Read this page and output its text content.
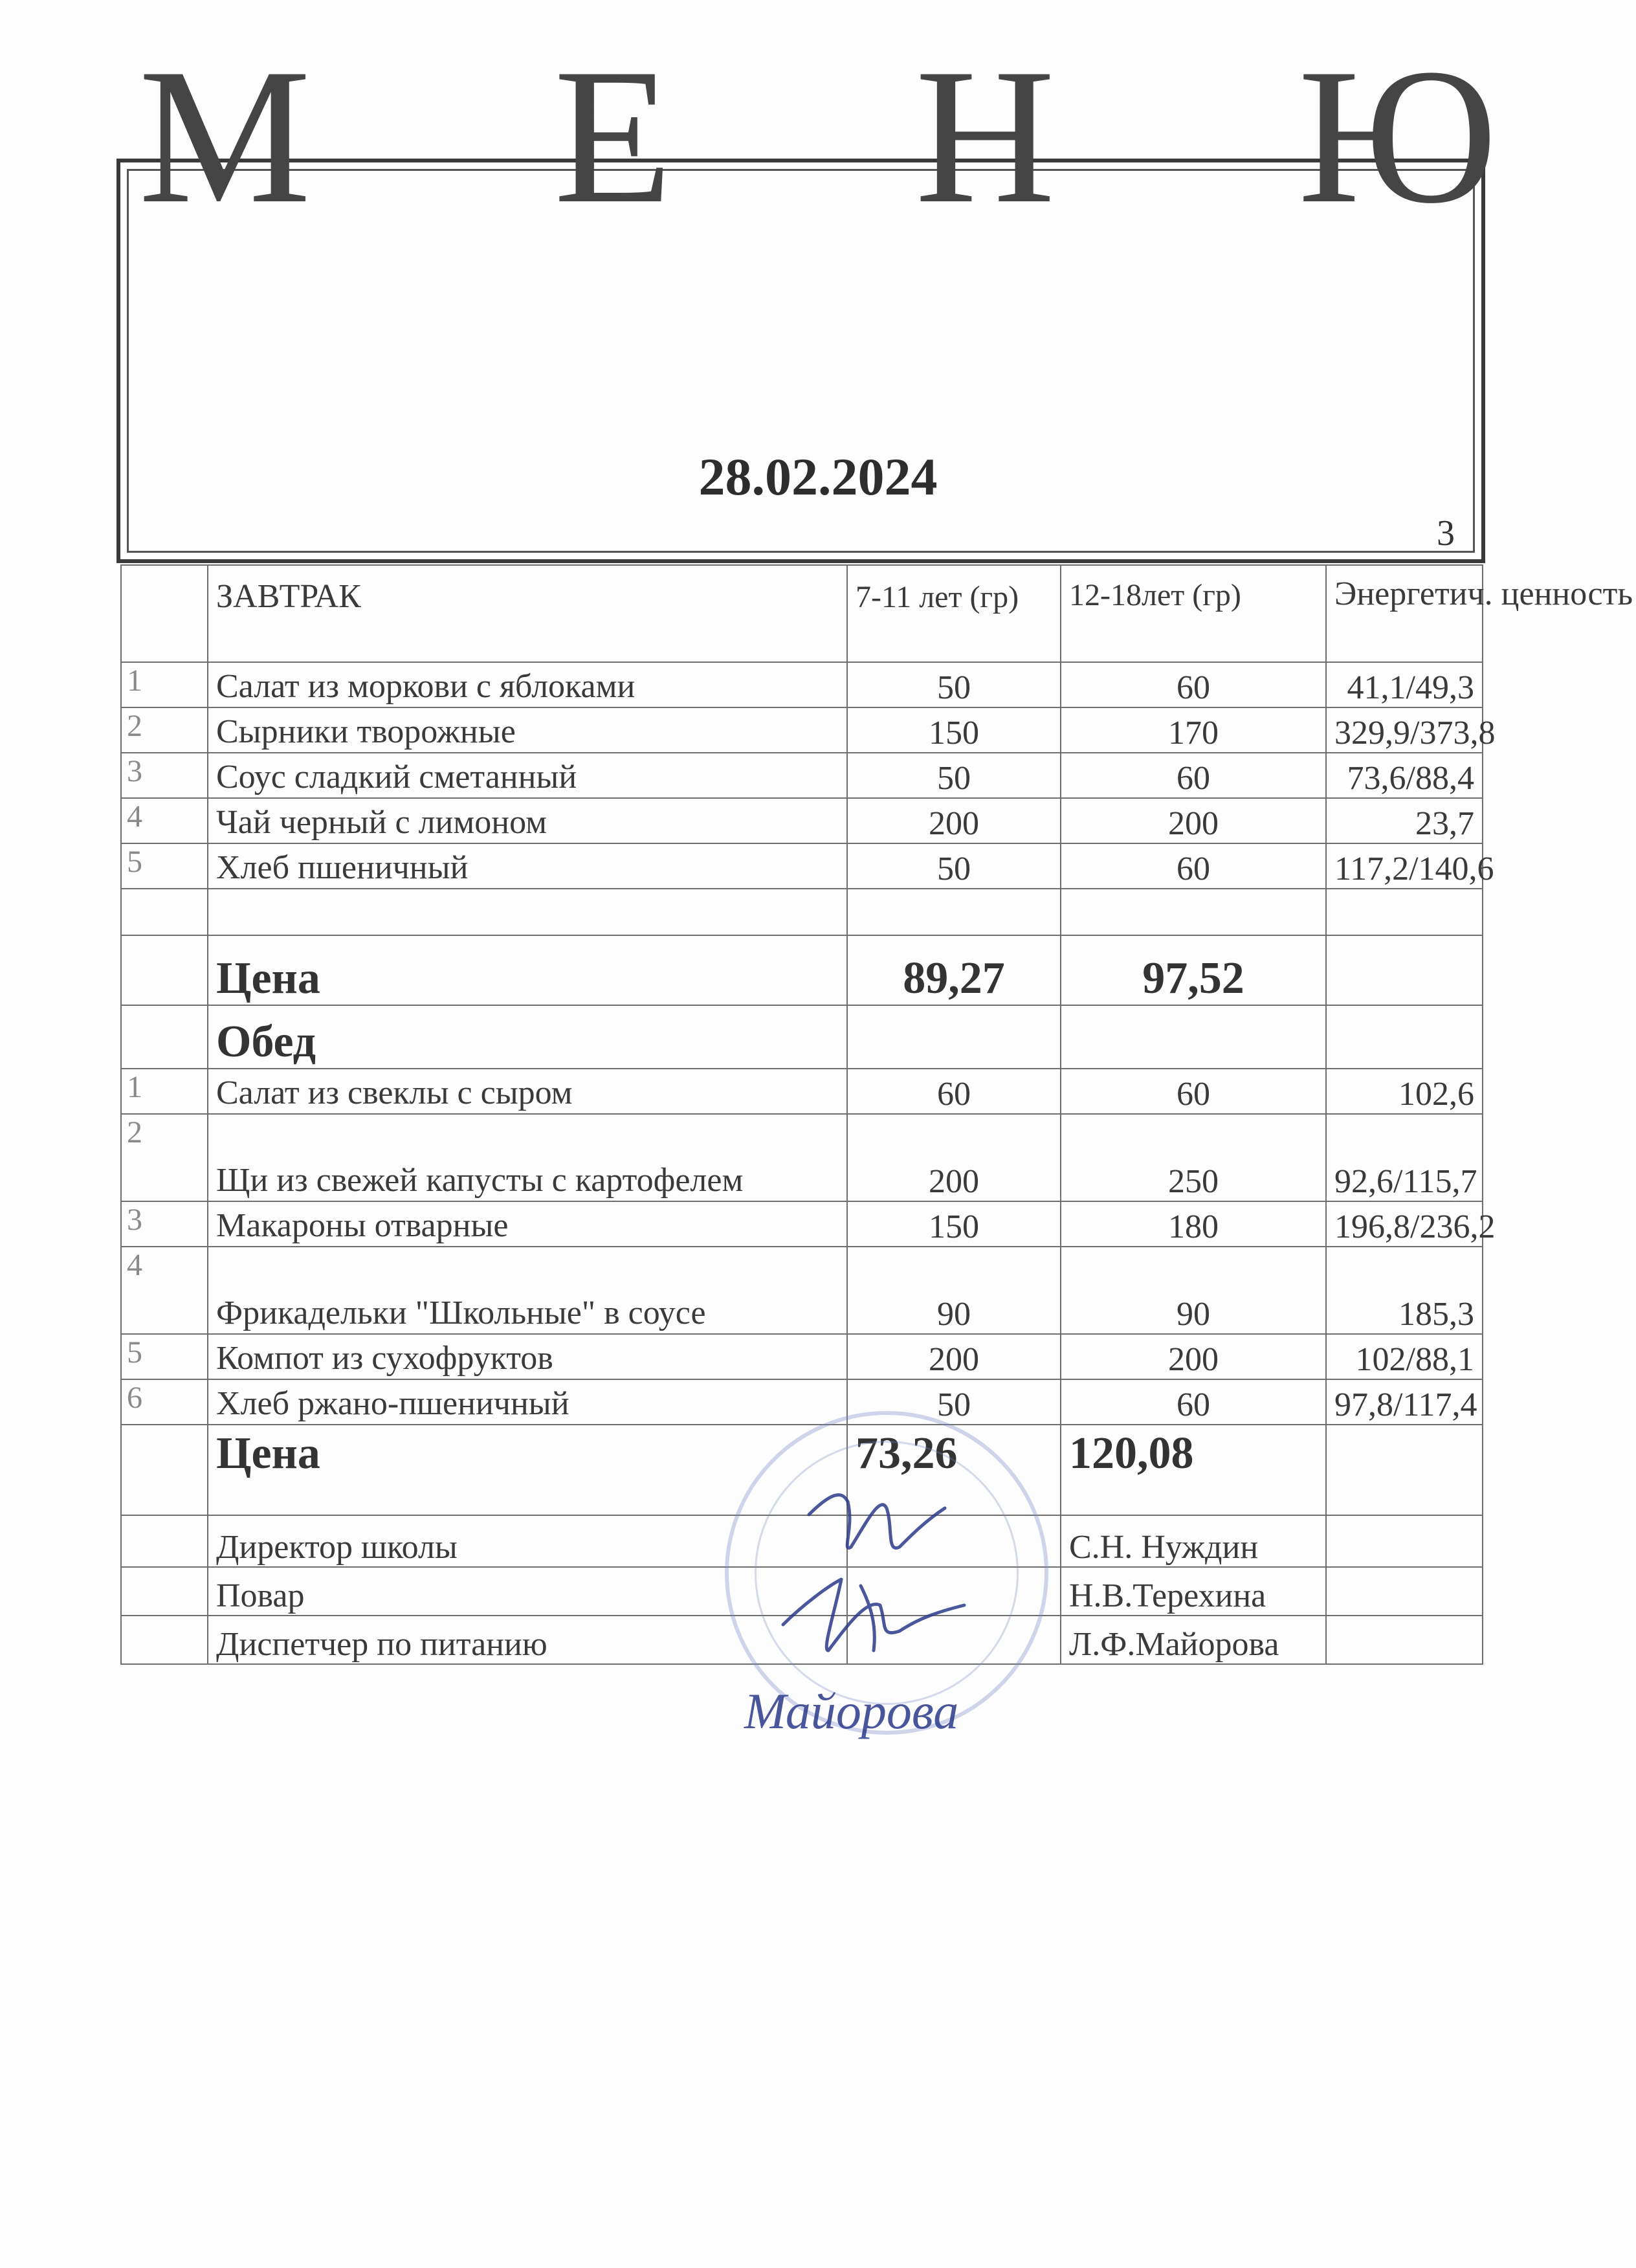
М Е Н Ю
28.02.2024
3
	ЗАВТРАК	7-11 лет (гр)	12-18лет (гр)	Энергетич. ценность
1	Салат из моркови с яблоками	50	60	41,1/49,3
2	Сырники творожные	150	170	329,9/373,8
3	Соус сладкий сметанный	50	60	73,6/88,4
4	Чай черный с лимоном	200	200	23,7
5	Хлеб пшеничный	50	60	117,2/140,6

	Цена	89,27	97,52	
	Обед			
1	Салат из свеклы с сыром	60	60	102,6
2	Щи из свежей капусты с картофелем	200	250	92,6/115,7
3	Макароны отварные	150	180	196,8/236,2
4	Фрикадельки "Школьные" в соусе	90	90	185,3
5	Компот из сухофруктов	200	200	102/88,1
6	Хлеб ржано-пшеничный	50	60	97,8/117,4
	Цена	73,26	120,08	
	Директор школы		С.Н. Нуждин	
	Повар		Н.В.Терехина	
	Диспетчер по питанию		Л.Ф.Майорова	
Майорова
